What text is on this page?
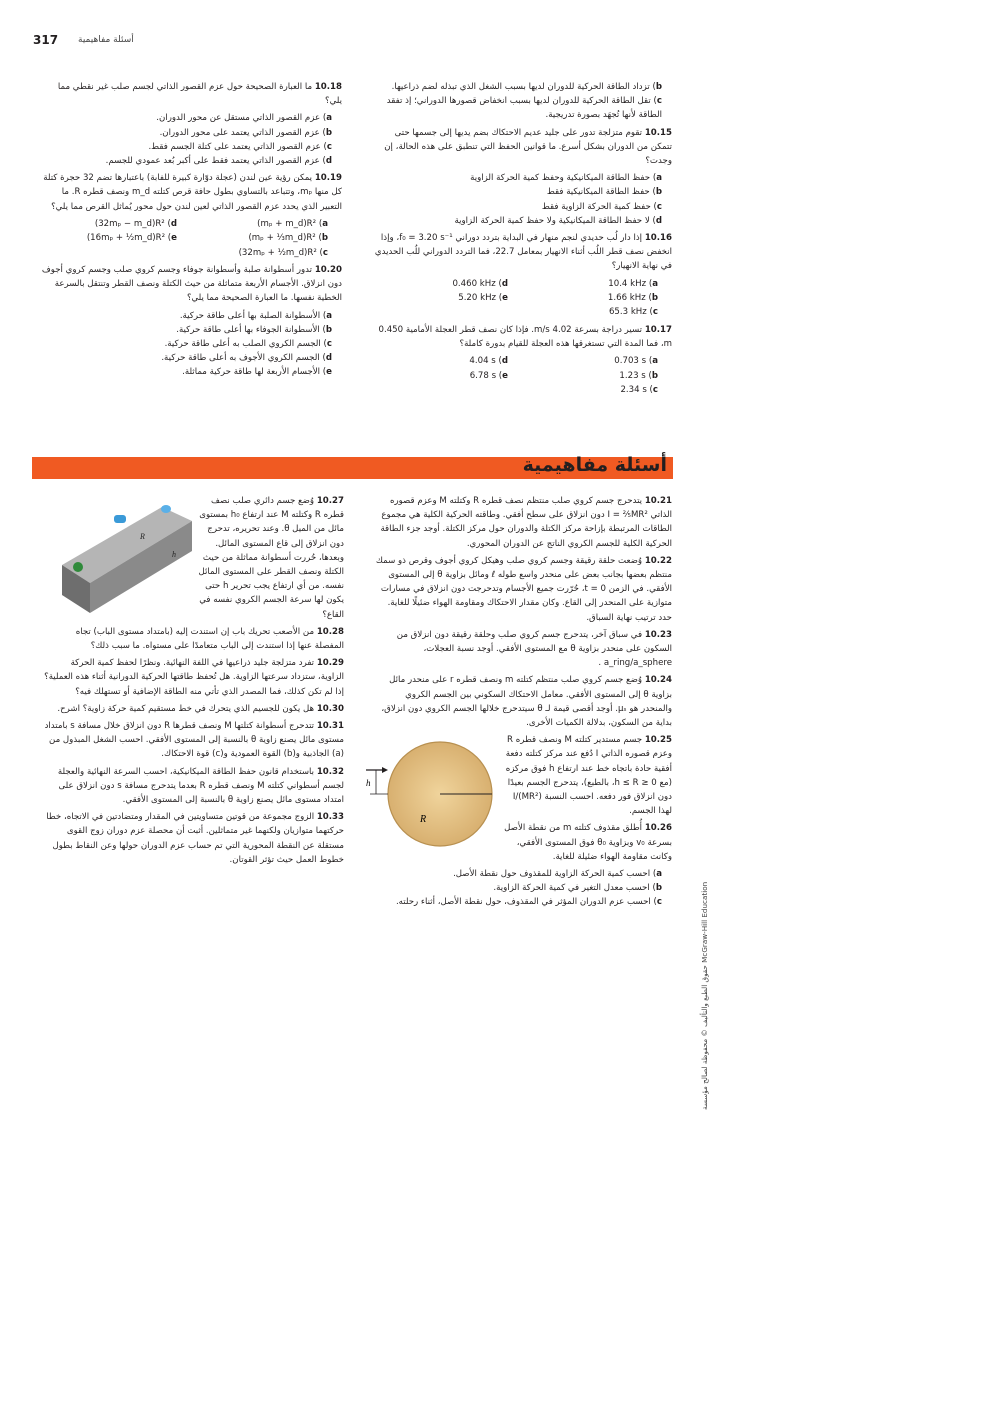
317 أسئلة مفاهيمية
b) تزداد الطاقة الحركية للدوران لديها بسبب الشغل الذي تبذله لضم ذراعيها.
c) تقل الطاقة الحركية للدوران لديها بسبب انخفاض قصورها الدوراني؛ إذ تفقد الطاقة لأنها تُجهَد بصورة تدريجية.
10.15 تقوم متزلجة تدور على جليد عديم الاحتكاك بضم يديها إلى جسمها حتى تتمكن من الدوران بشكل أسرع. ما قوانين الحفظ التي تنطبق على هذه الحالة، إن وجدت؟
a) حفظ الطاقة الميكانيكية وحفظ كمية الحركة الزاوية
b) حفظ الطاقة الميكانيكية فقط
c) حفظ كمية الحركة الزاوية فقط
d) لا حفظ الطاقة الميكانيكية ولا حفظ كمية الحركة الزاوية
10.16 إذا دار لُب حديدي لنجم منهار في البداية بتردد دوراني f₀ = 3.20 s⁻¹، وإذا انخفض نصف قطر اللُب أثناء الانهيار بمعامل 22.7، فما التردد الدوراني للُب الحديدي في نهاية الانهيار؟
a) 10.4 kHz
d) 0.460 kHz
b) 1.66 kHz
e) 5.20 kHz
c) 65.3 kHz
10.17 تسير دراجة بسرعة 4.02 m/s. فإذا كان نصف قطر العجلة الأمامية 0.450 m، فما المدة التي تستغرقها هذه العجلة للقيام بدورة كاملة؟
a) 0.703 s
d) 4.04 s
b) 1.23 s
e) 6.78 s
c) 2.34 s
10.18 ما العبارة الصحيحة حول عزم القصور الذاتي لجسم صلب غير نقطي مما يلي؟
a) عزم القصور الذاتي مستقل عن محور الدوران.
b) عزم القصور الذاتي يعتمد على محور الدوران.
c) عزم القصور الذاتي يعتمد على كتلة الجسم فقط.
d) عزم القصور الذاتي يعتمد فقط على أكبر بُعد عمودي للجسم.
10.19 يمكن رؤية عين لندن (عجلة دوّارة كبيرة للفابة) باعتبارها تضم 32 حجرة كتلة كل منها mₚ، وتتباعد بالتساوي بطول حافة قرص كتلته m_d ونصف قطره R. ما التعبير الذي يحدد عزم القصور الذاتي لعين لندن حول محور يُماثل القرص مما يلي؟
a) (mₚ + m_d)R²
d) (32mₚ − m_d)R²
b) (mₚ + ⅓m_d)R²
e) (16mₚ + ½m_d)R²
c) (32mₚ + ½m_d)R²
10.20 تدور أسطوانة صلبة وأسطوانة جوفاء وجسم كروي صلب وجسم كروي أجوف دون انزلاق. الأجسام الأربعة متماثلة من حيث الكتلة ونصف القطر وتنتقل بالسرعة الخطية نفسها. ما العبارة الصحيحة مما يلي؟
a) الأسطوانة الصلبة بها أعلى طاقة حركية.
b) الأسطوانة الجوفاء بها أعلى طاقة حركية.
c) الجسم الكروي الصلب به أعلى طاقة حركية.
d) الجسم الكروي الأجوف به أعلى طاقة حركية.
e) الأجسام الأربعة لها طاقة حركية مماثلة.
أسئلة مفاهيمية
10.21 يتدحرج جسم كروي صلب منتظم نصف قطره R وكتلته M وعزم قصوره الذاتي I = ⅖MR² دون انزلاق على سطح أفقي. وطاقته الحركية الكلية هي مجموع الطاقات المرتبطة بإزاحة مركز الكتلة والدوران حول مركز الكتلة. أوجد جزء الطاقة الحركية الكلية للجسم الكروي الناتج عن الدوران المحوري.
10.22 وُضعت حلقة رقيقة وجسم كروي صلب وهيكل كروي أجوف وقرص ذو سمك منتظم بعضها بجانب بعض على منحدر واسع طوله ℓ ومائل بزاوية θ إلى المستوى الأفقي. في الزمن t = 0، حُرّرت جميع الأجسام وتدحرجت دون انزلاق في مسارات متوازية على المنحدر إلى القاع. وكان مقدار الاحتكاك ومقاومة الهواء ضئيلًا للغاية. حدد ترتيب نهاية السباق.
10.23 في سباق آخر، يتدحرج جسم كروي صلب وحلقة رقيقة دون انزلاق من السكون على منحدر بزاوية θ مع المستوى الأفقي. أوجد نسبة العجلات، a_ring/a_sphere .
10.24 وُضع جسم كروي صلب منتظم كتلته m ونصف قطره r على منحدر مائل بزاوية θ إلى المستوى الأفقي. معامل الاحتكاك السكوني بين الجسم الكروي والمنحدر هو μₛ. أوجد أقصى قيمة لـ θ سيتدحرج خلالها الجسم الكروي دون انزلاق، بداية من السكون، بدلالة الكميات الأخرى.
10.25 جسم مستدير كتلته M ونصف قطره R وعزم قصوره الذاتي I دُفع عند مركز كتلته دفعة أفقية حادة باتجاه خط عند ارتفاع h فوق مركزه (مع 0 ≤ h ≤ R، بالطبع)، يتدحرج الجسم بعيدًا دون انزلاق فور دفعه. احسب النسبة I/(MR²) لهذا الجسم.
10.26 أُطلق مقذوف كتلته m من نقطة الأصل بسرعة v₀ وبزاوية θ₀ فوق المستوى الأفقي، وكانت مقاومة الهواء ضئيلة للغاية.
a) احسب كمية الحركة الزاوية للمقذوف حول نقطة الأصل.
b) احسب معدل التغير في كمية الحركة الزاوية.
c) احسب عزم الدوران المؤثر في المقذوف، حول نقطة الأصل، أثناء رحلته.
h
R
10.27 وُضع جسم دائري صلب نصف قطره R وكتلته M عند ارتفاع h₀ بمستوى مائل من الميل θ. وعند تحريره، تدحرج دون انزلاق إلى قاع المستوى المائل. وبعدها، حُررت أسطوانة مماثلة من حيث الكتلة ونصف القطر على المستوى المائل نفسه. من أي ارتفاع يجب تحرير h حتى يكون لها سرعة الجسم الكروي نفسه في القاع؟
10.28 من الأصعب تحريك باب إن استندت إليه (بامتداد مستوى الباب) تجاه المفصلة عنها إذا استندت إلى الباب متعامدًا على مستواه. ما سبب ذلك؟
10.29 تفرد متزلجة جليد ذراعيها في اللفة النهائية. ونظرًا لحفظ كمية الحركة الزاوية، ستزداد سرعتها الزاوية. هل تُحفظ طاقتها الحركية الدورانية أثناء هذه العملية؟ إذا لم تكن كذلك، فما المصدر الذي تأتي منه الطاقة الإضافية أو تستهلك فيه؟
10.30 هل يكون للجسيم الذي يتحرك في خط مستقيم كمية حركة زاوية؟ اشرح.
10.31 تتدحرج أسطوانة كتلتها M ونصف قطرها R دون انزلاق خلال مسافة s بامتداد مستوى مائل يصنع زاوية θ بالنسبة إلى المستوى الأفقي. احسب الشغل المبذول من (a) الجاذبية و(b) القوة العمودية و(c) قوة الاحتكاك.
10.32 باستخدام قانون حفظ الطاقة الميكانيكية، احسب السرعة النهائية والعجلة لجسم أسطواني كتلته M ونصف قطره R بعدما يتدحرج مسافة s دون انزلاق على امتداد مستوى مائل يصنع زاوية θ بالنسبة إلى المستوى الأفقي.
10.33 الزوج مجموعة من قوتين متساويتين في المقدار ومتضادتين في الاتجاه، خطا حركتهما متوازيان ولكنهما غير متماثلين. أثبت أن محصلة عزم دوران زوج القوى مستقلة عن النقطة المحورية التي تم حساب عزم الدوران حولها وعن النقاط بطول خطوط العمل حيث تؤثر القوتان.
R
h
حقوق الطبع والتأليف © محفوظة لصالح مؤسسة McGraw-Hill Education
